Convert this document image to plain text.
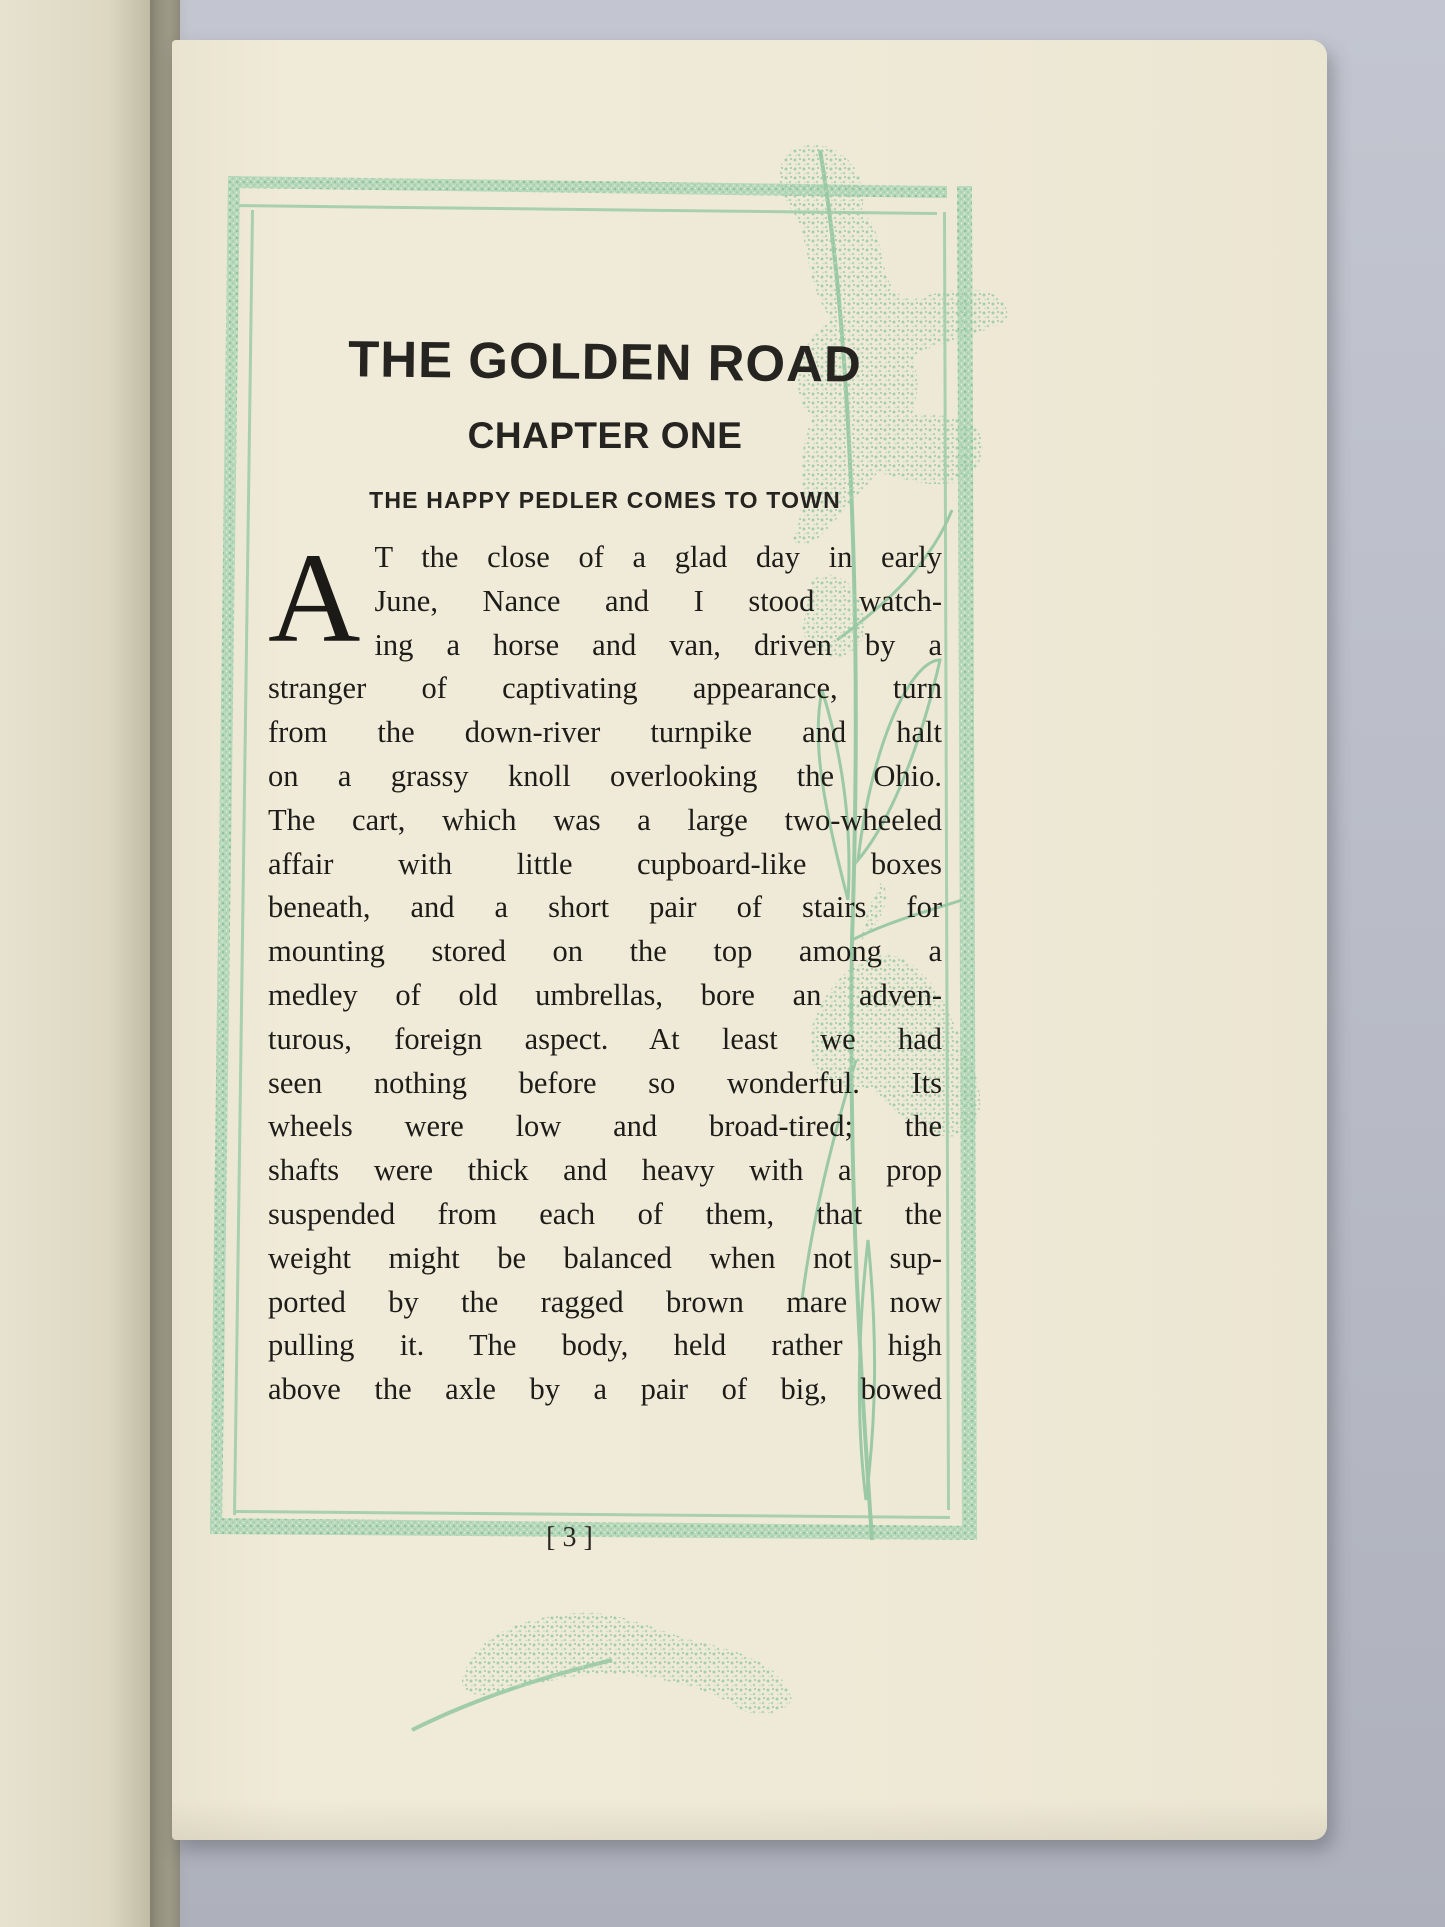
THE GOLDEN ROAD
CHAPTER ONE
THE HAPPY PEDLER COMES TO TOWN
A T the close of a glad day in early
June, Nance and I stood watch-
ing a horse and van, driven by a
stranger of captivating appearance, turn
from the down-river turnpike and halt
on a grassy knoll overlooking the Ohio.
The cart, which was a large two-wheeled
affair with little cupboard-like boxes
beneath, and a short pair of stairs for
mounting stored on the top among a
medley of old umbrellas, bore an adven-
turous, foreign aspect. At least we had
seen nothing before so wonderful. Its
wheels were low and broad-tired; the
shafts were thick and heavy with a prop
suspended from each of them, that the
weight might be balanced when not sup-
ported by the ragged brown mare now
pulling it. The body, held rather high
above the axle by a pair of big, bowed
[ 3 ]
